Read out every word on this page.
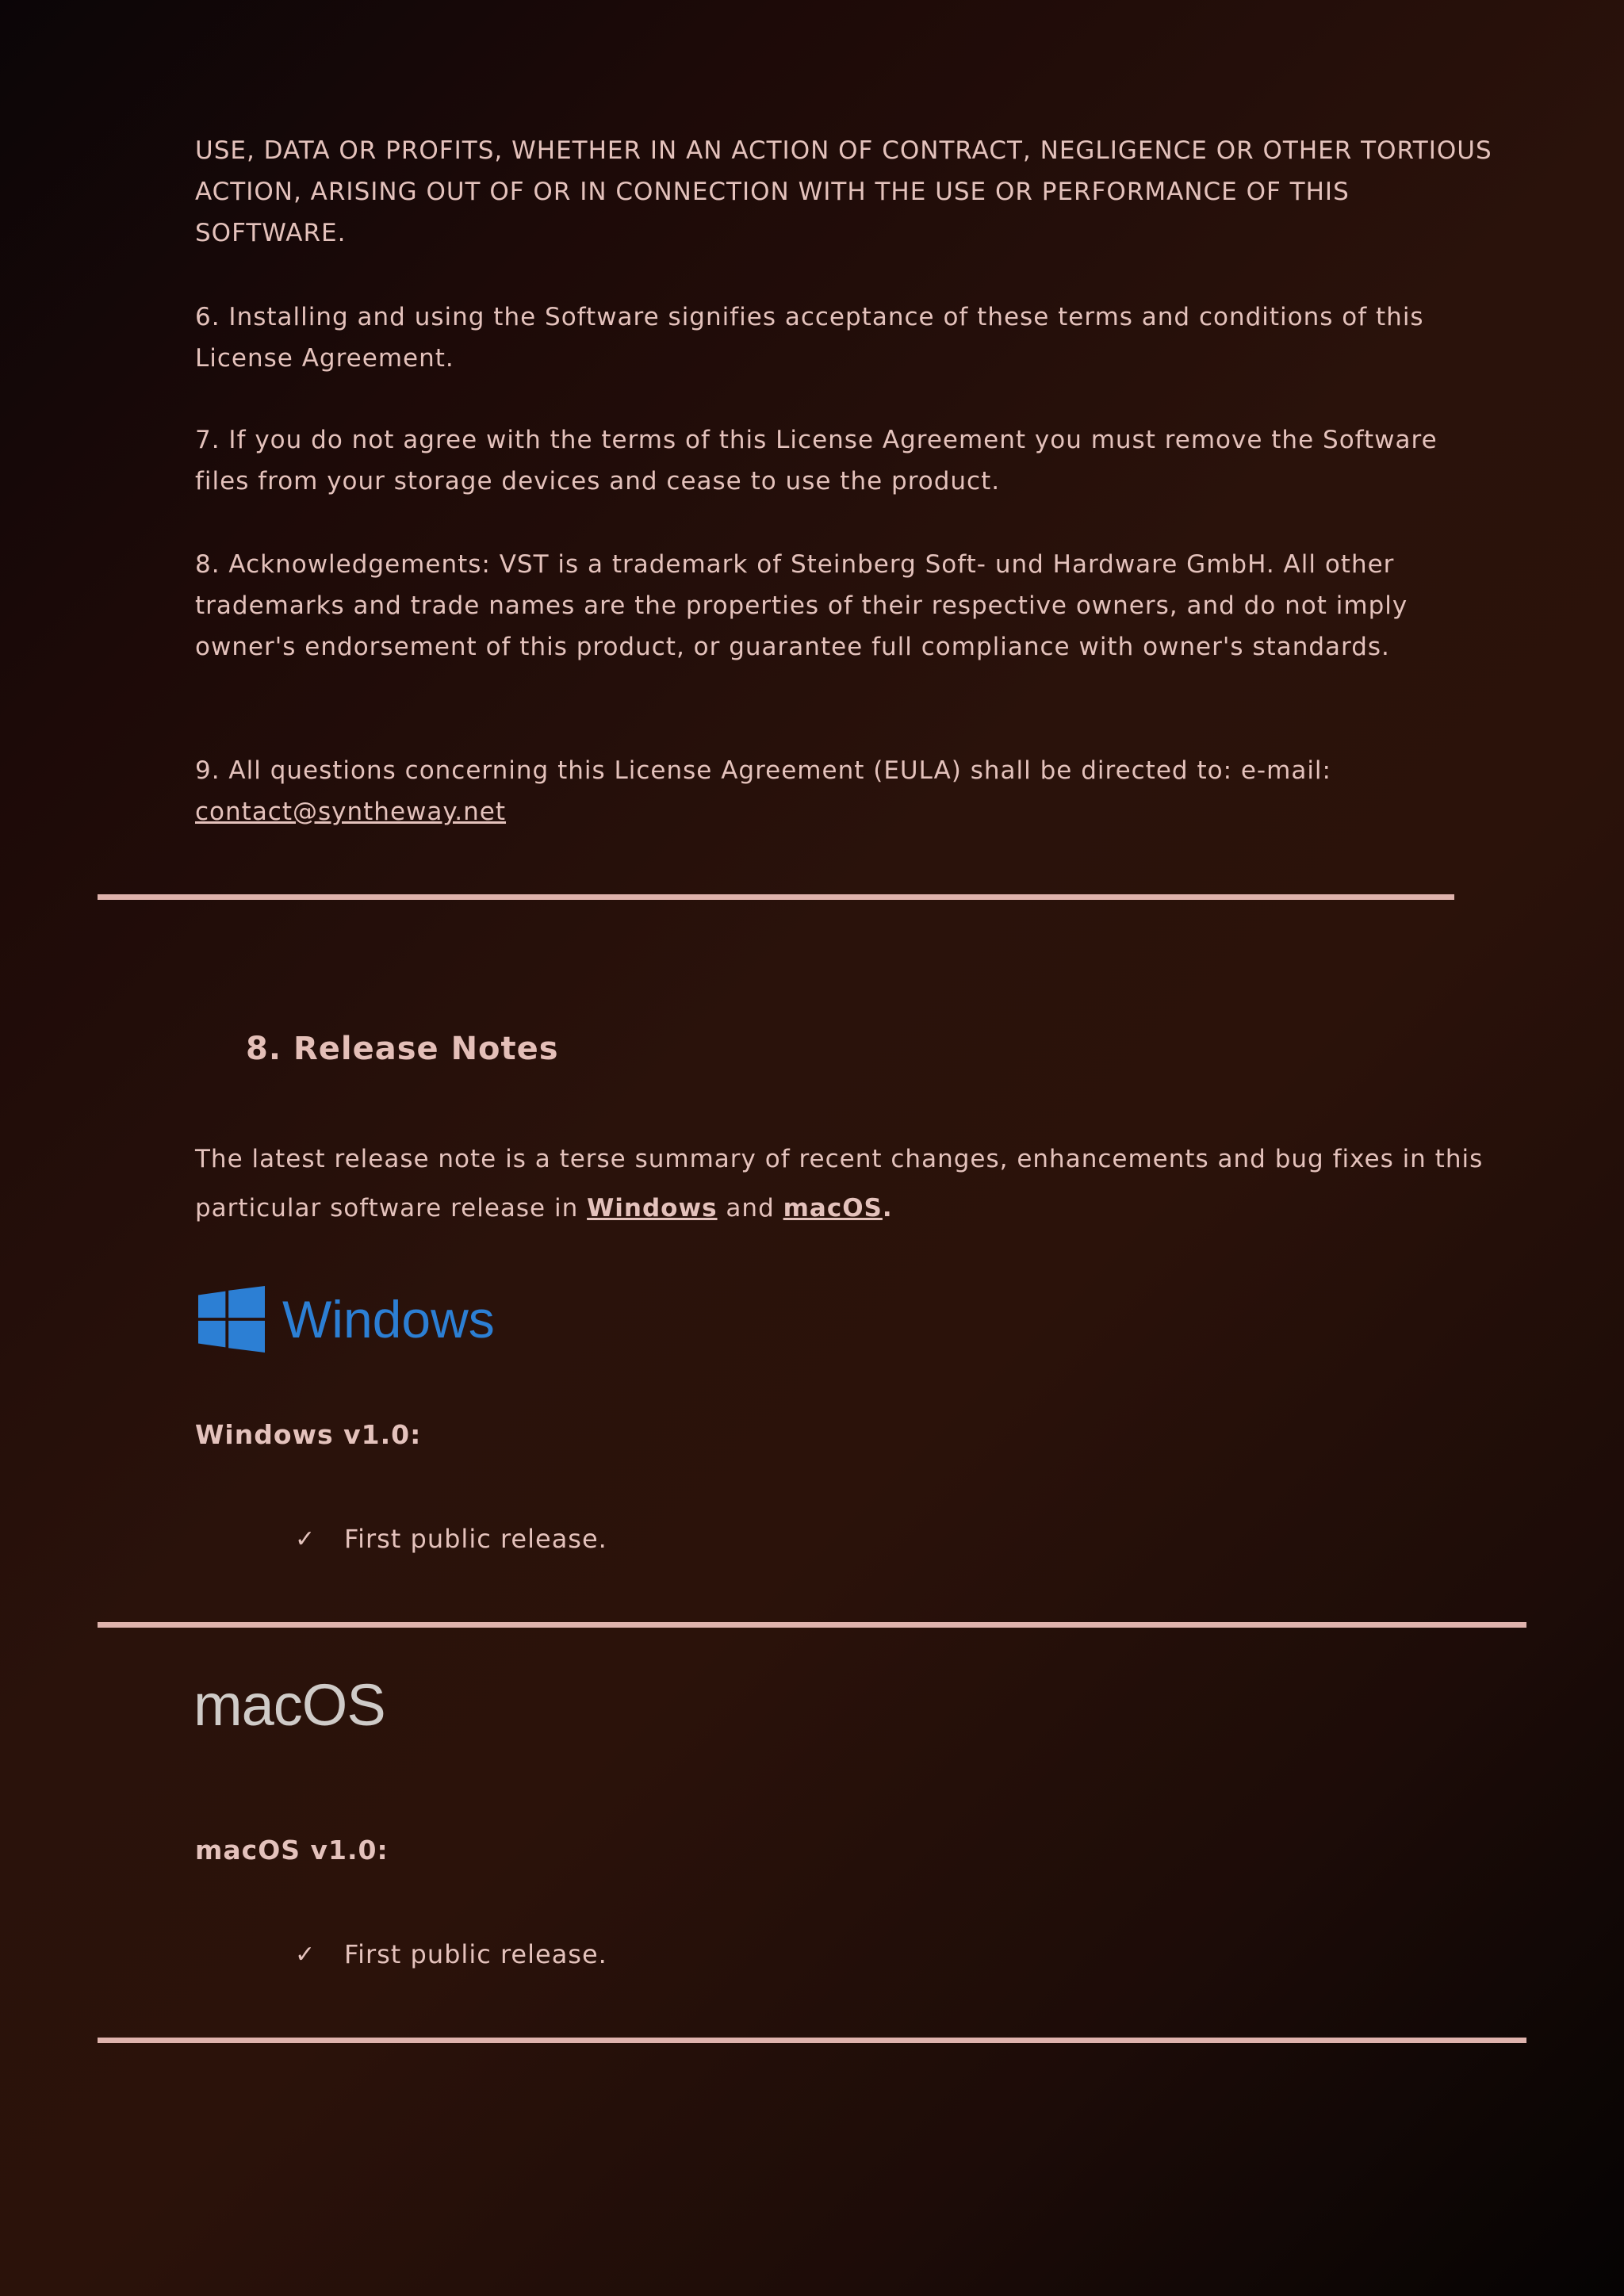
USE, DATA OR PROFITS, WHETHER IN AN ACTION OF CONTRACT, NEGLIGENCE OR OTHER TORTIOUS ACTION, ARISING OUT OF OR IN CONNECTION WITH THE USE OR PERFORMANCE OF THIS SOFTWARE.

6. Installing and using the Software signifies acceptance of these terms and conditions of this License Agreement.

7. If you do not agree with the terms of this License Agreement you must remove the Software files from your storage devices and cease to use the product.

8. Acknowledgements: VST is a trademark of Steinberg Soft- und Hardware GmbH. All other trademarks and trade names are the properties of their respective owners, and do not imply owner's endorsement of this product, or guarantee full compliance with owner's standards.

9. All questions concerning this License Agreement (EULA) shall be directed to: e-mail:
contact@syntheway.net

8. Release Notes

The latest release note is a terse summary of recent changes, enhancements and bug fixes in this particular software release in Windows and macOS.

Windows

Windows v1.0:

✓	First public release.
macOS

macOS v1.0:

✓	First public release.
